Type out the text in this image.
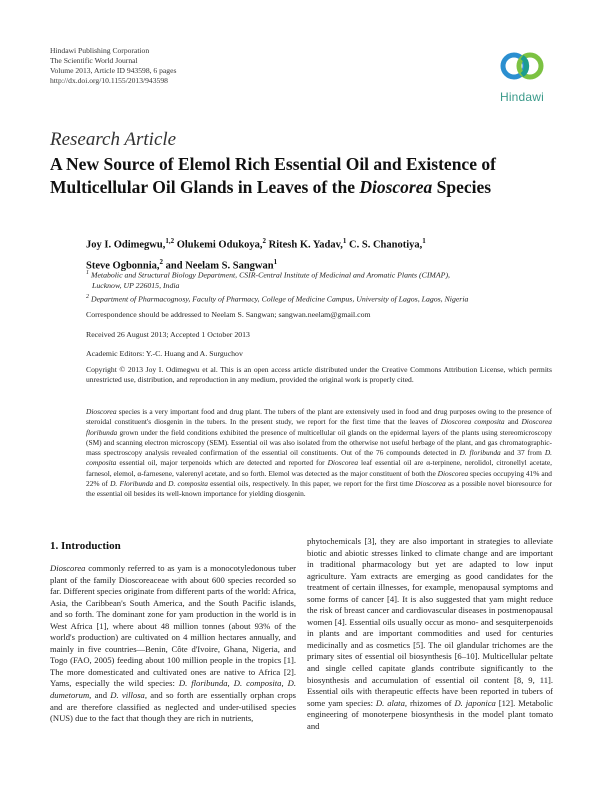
Hindawi Publishing Corporation
The Scientific World Journal
Volume 2013, Article ID 943598, 6 pages
http://dx.doi.org/10.1155/2013/943598
Hindawi
Research Article
A New Source of Elemol Rich Essential Oil and Existence of
Multicellular Oil Glands in Leaves of the Dioscorea Species
Joy I. Odimegwu,$^{1,2}$ Olukemi Odukoya,$^2$ Ritesh K. Yadav,$^1$ C. S. Chanotiya,$^1$
Steve Ogbonnia,$^2$ and Neelam S. Sangwan$^1$
$^1$ Metabolic and Structural Biology Department, CSIR-Central Institute of Medicinal and Aromatic Plants (CIMAP),
Lucknow, UP 226015, India
$^2$ Department of Pharmacognosy, Faculty of Pharmacy, College of Medicine Campus, University of Lagos, Lagos, Nigeria
Correspondence should be addressed to Neelam S. Sangwan; sangwan.neelam@gmail.com
Received 26 August 2013; Accepted 1 October 2013
Academic Editors: Y.-C. Huang and A. Surguchov
Copyright © 2013 Joy I. Odimegwu et al. This is an open access article distributed under the Creative Commons Attribution License, which permits unrestricted use, distribution, and reproduction in any medium, provided the original work is properly cited.
Dioscorea species is a very important food and drug plant. The tubers of the plant are extensively used in food and drug purposes owing to the presence of steroidal constituent's diosgenin in the tubers. In the present study, we report for the first time that the leaves of Dioscorea composita and Dioscorea floribunda grown under the field conditions exhibited the presence of multicellular oil glands on the epidermal layers of the plants using stereomicroscopy (SM) and scanning electron microscopy (SEM). Essential oil was also isolated from the otherwise not useful herbage of the plant, and gas chromatographic-mass spectroscopy analysis revealed confirmation of the essential oil constituents. Out of the 76 compounds detected in D. floribunda and 37 from D. composita essential oil, major terpenoids which are detected and reported for Dioscorea leaf essential oil are α-terpinene, nerolidol, citronellyl acetate, farnesol, elemol, α-farnesene, valerenyl acetate, and so forth. Elemol was detected as the major constituent of both the Dioscorea species occupying 41% and 22% of D. Floribunda and D. composita essential oils, respectively. In this paper, we report for the first time Dioscorea as a possible novel bioresource for the essential oil besides its well-known importance for yielding diosgenin.
1. Introduction
Dioscorea commonly referred to as yam is a monocotyledonous tuber plant of the family Dioscoreaceae with about 600 species recorded so far. Different species originate from different parts of the world: Africa, Asia, the Caribbean's South America, and the South Pacific islands, and so forth. The dominant zone for yam production in the world is in West Africa [1], where about 48 million tonnes (about 93% of the world's production) are cultivated on 4 million hectares annually, and mainly in five countries—Benin, Côte d'Ivoire, Ghana, Nigeria, and Togo (FAO, 2005) feeding about 100 million people in the tropics [1]. The more domesticated and cultivated ones are native to Africa [2]. Yams, especially the wild species: D. floribunda, D. composita, D. dumetorum, and D. villosa, and so forth are essentially orphan crops and are therefore classified as neglected and under-utilised species (NUS) due to the fact that though they are rich in nutrients,
phytochemicals [3], they are also important in strategies to alleviate biotic and abiotic stresses linked to climate change and are important in traditional pharmacology but yet are adapted to low input agriculture. Yam extracts are emerging as good candidates for the treatment of certain illnesses, for example, menopausal symptoms and some forms of cancer [4]. It is also suggested that yam might reduce the risk of breast cancer and cardiovascular diseases in postmenopausal women [4]. Essential oils usually occur as mono- and sesquiterpenoids in plants and are important commodities and used for centuries medicinally and as cosmetics [5]. The oil glandular trichomes are the primary sites of essential oil biosynthesis [6–10]. Multicellular peltate and single celled capitate glands contribute significantly to the biosynthesis and accumulation of essential oil content [8, 9, 11]. Essential oils with therapeutic effects have been reported in tubers of some yam species: D. alata, rhizomes of D. japonica [12]. Metabolic engineering of monoterpene biosynthesis in the model plant tomato and
